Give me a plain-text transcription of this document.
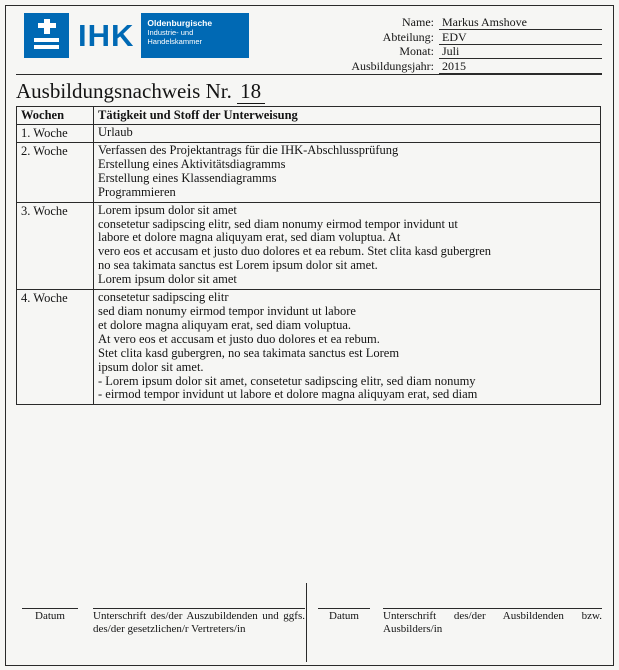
IHK	Oldenburgische
Industrie- und Handelskammer
Name: Markus Amshove
Abteilung: EDV
Monat: Juli
Ausbildungsjahr: 2015
Ausbildungsnachweis Nr. 18
Wochen	Tätigkeit und Stoff der Unterweisung
1. Woche	Urlaub

2. Woche	Verfassen des Projektantrags für die IHK-Abschlussprüfung
Erstellung eines Aktivitätsdiagramms
Erstellung eines Klassendiagramms
Programmieren

3. Woche	Lorem ipsum dolor sit amet
consetetur sadipscing elitr, sed diam nonumy eirmod tempor invidunt ut
labore et dolore magna aliquyam erat, sed diam voluptua. At
vero eos et accusam et justo duo dolores et ea rebum. Stet clita kasd gubergren
no sea takimata sanctus est Lorem ipsum dolor sit amet.
Lorem ipsum dolor sit amet

4. Woche	consetetur sadipscing elitr
sed diam nonumy eirmod tempor invidunt ut labore
et dolore magna aliquyam erat, sed diam voluptua.
At vero eos et accusam et justo duo dolores et ea rebum.
Stet clita kasd gubergren, no sea takimata sanctus est Lorem
ipsum dolor sit amet.
- Lorem ipsum dolor sit amet, consetetur sadipscing elitr, sed diam nonumy
- eirmod tempor invidunt ut labore et dolore magna aliquyam erat, sed diam
Datum	Unterschrift des/der Auszubildenden und ggfs. des/der gesetzlichen/r Vertreters/in
Datum	Unterschrift des/der Ausbildenden bzw. Ausbilders/in
